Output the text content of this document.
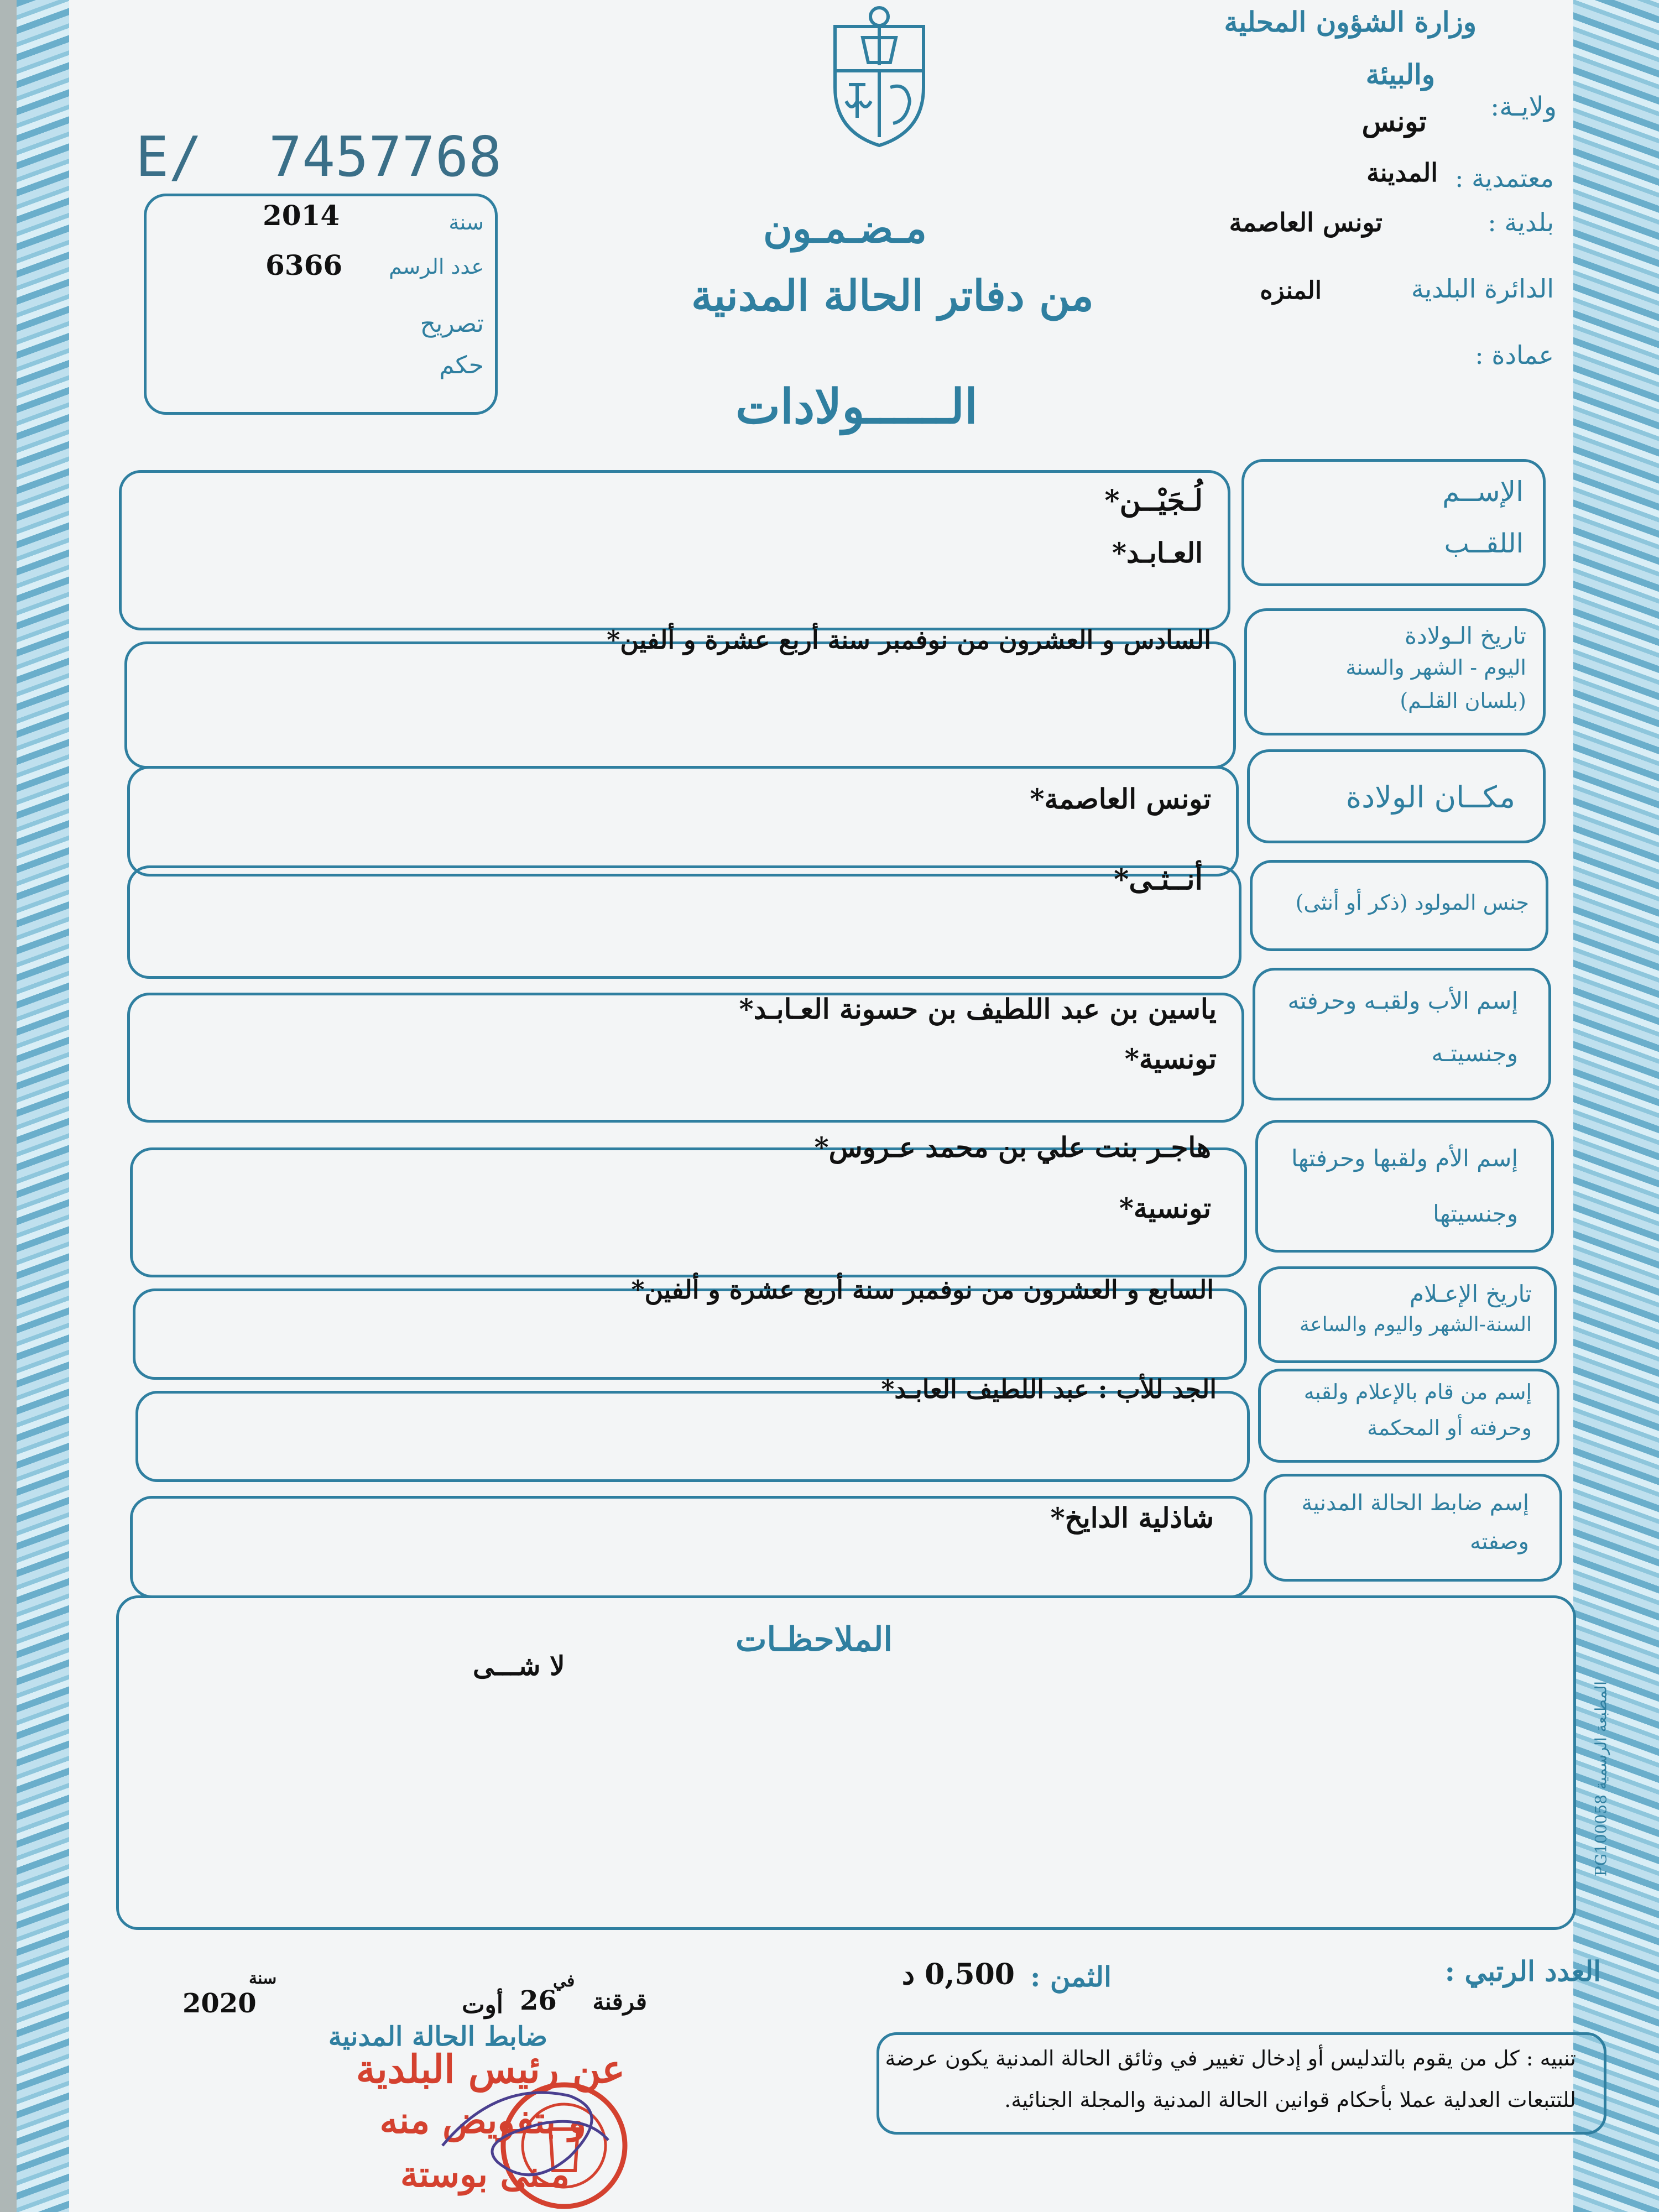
وزارة الشؤون المحلية
والبيئة
ولايـة:
تونس
معتمدية :
المدينة
بلدية :
تونس العاصمة
الدائرة البلدية
المنزه
عمادة :
E/  7457768
سنة
2014
عدد الرسم
6366
تصريح
حكم
مـضـمـون
من دفاتر الحالة المدنية
الــــــولادات
الإســم
اللقــب
لُـجَيْــن*
العـابـد*
تاريخ الـولادة
اليوم - الشهر والسنة
(بلسان القلـم)
السادس و العشرون من نوفمبر سنة أربع عشرة و ألفين*
مكــان الولادة
تونس العاصمة*
جنس المولود (ذكر أو أنثى)
أنــثـى*
إسم الأب ولقبـه وحرفته
وجنسيتـه
ياسين بن عبد اللطيف بن حسونة العـابـد*
تونسية*
إسم الأم ولقبها وحرفتها
وجنسيتها
هاجـر بنت علي بن محمد عـروس*
تونسية*
تاريخ الإعـلام
السنة-الشهر واليوم والساعة
السابع و العشرون من نوفمبر سنة أربع عشرة و ألفين*
إسم من قام بالإعلام ولقبه
وحرفته أو المحكمة
الجد للأب : عبد اللطيف العابـد*
إسم ضابط الحالة المدنية
وصفته
شاذلية الدايخ*
الملاحظـات
لا شـــى
المطبعة الرسمية PG100058
العدد الرتبي :
الثمن :
0,500 د
قرقنة
في
26
أوت
سنة
2020
ضابط الحالة المدنية
تنبيه : كل من يقوم بالتدليس أو إدخال تغيير في وثائق الحالة المدنية يكون عرضة
للتتبعات العدلية عملا بأحكام قوانين الحالة المدنية والمجلة الجنائية.
عن رئيس البلدية
و بتفويض منه
مـنى بوستة
